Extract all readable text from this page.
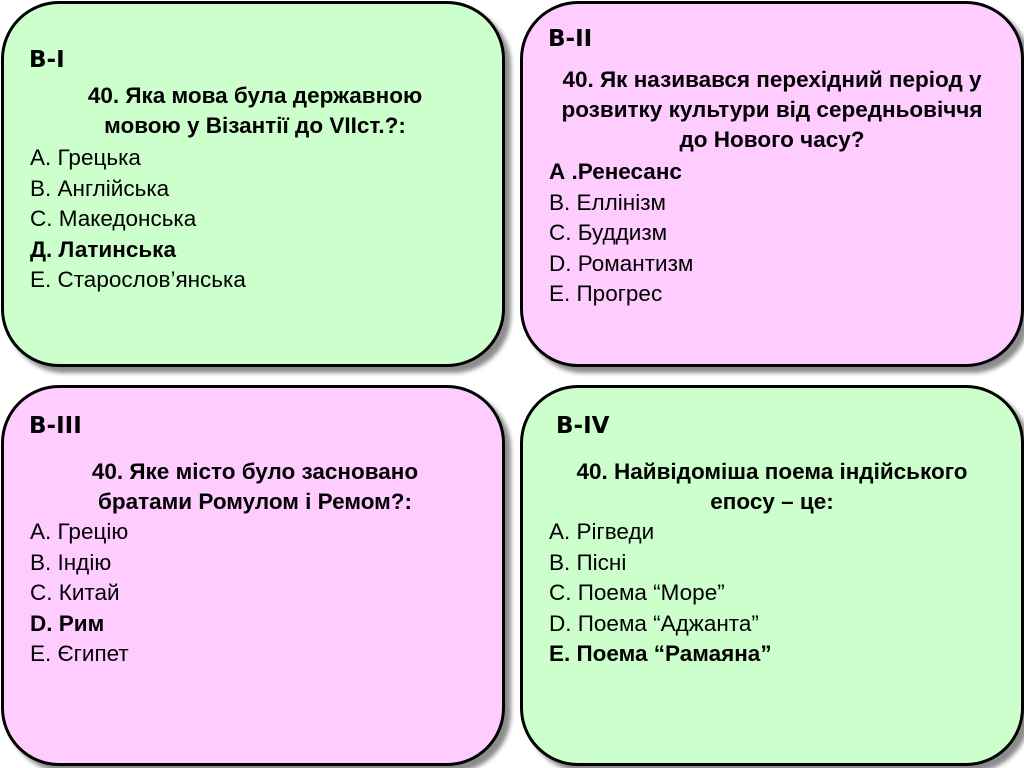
В-І
40. Яка мова була державною мовою у Візантії до VIIст.?:
А. Грецька
В. Англійська
С. Македонська
Д. Латинська
Е. Старослов’янська
В-ІІ
40. Як називався перехідний період у розвитку культури від середньовіччя до Нового часу?
А .Ренесанс
В. Еллінізм
С. Буддизм
D. Романтизм
Е. Прогрес
В-ІІІ
40. Яке місто було засновано братами Ромулом і Ремом?:
А. Грецію
В. Індію
С. Китай
D. Рим
Е. Єгипет
В-IV
40. Найвідоміша поема індійського епосу – це:
А. Рігведи
В. Пісні
С. Поема “Море”
D. Поема “Аджанта”
Е. Поема “Рамаяна”
